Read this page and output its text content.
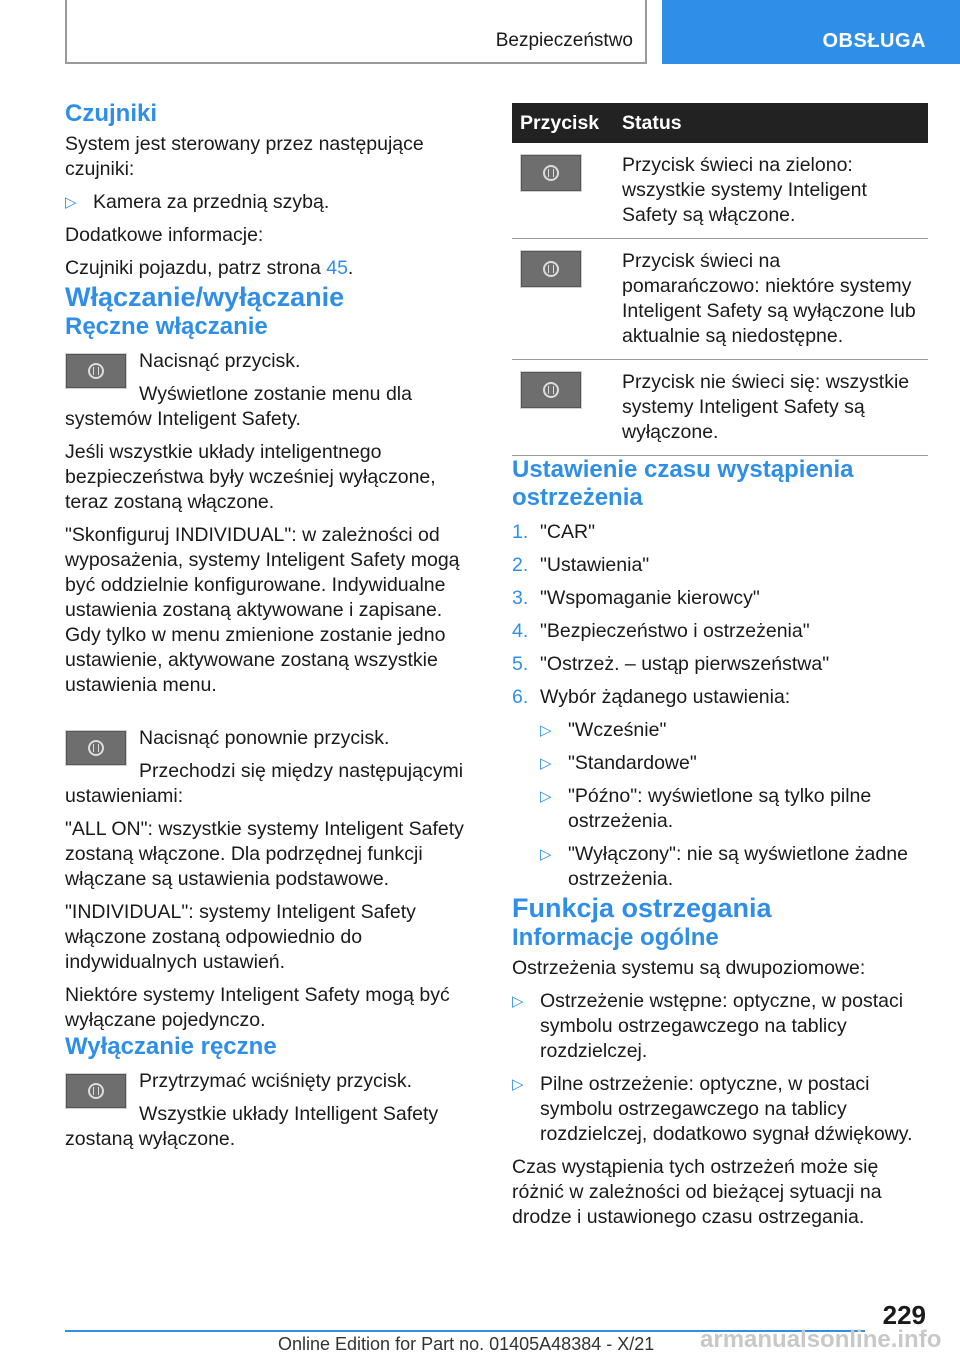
Bezpieczeństwo	OBSŁUGA
Czujniki

System jest sterowany przez następujące czujniki:

▷ Kamera za przednią szybą.

Dodatkowe informacje:

Czujniki pojazdu, patrz strona 45.

Włączanie/wyłączanie
Ręczne włączanie

Nacisnąć przycisk.

Wyświetlone zostanie menu dla systemów Inteligent Safety.

Jeśli wszystkie układy inteligentnego bezpieczeństwa były wcześniej wyłączone, teraz zostaną włączone.

"Skonfiguruj INDIVIDUAL": w zależności od wyposażenia, systemy Inteligent Safety mogą być oddzielnie konfigurowane. Indywidualne ustawienia zostaną aktywowane i zapisane. Gdy tylko w menu zmienione zostanie jedno ustawienie, aktywowane zostaną wszystkie ustawienia menu.

Nacisnąć ponownie przycisk.

Przechodzi się między następującymi ustawieniami:

"ALL ON": wszystkie systemy Inteligent Safety zostaną włączone. Dla podrzędnej funkcji włączane są ustawienia podstawowe.

"INDIVIDUAL": systemy Inteligent Safety włączone zostaną odpowiednio do indywidualnych ustawień.

Niektóre systemy Inteligent Safety mogą być wyłączane pojedynczo.

Wyłączanie ręczne

Przytrzymać wciśnięty przycisk.

Wszystkie układy Intelligent Safety zostaną wyłączone.

Przycisk	Status

	Przycisk świeci na zielono: wszystkie systemy Inteligent Safety są włączone.

	Przycisk świeci na pomarańczowo: niektóre systemy Inteligent Safety są wyłączone lub aktualnie są niedostępne.

	Przycisk nie świeci się: wszystkie systemy Inteligent Safety są wyłączone.
Ustawienie czasu wystąpienia ostrzeżenia
1. "CAR"
2. "Ustawienia"
3. "Wspomaganie kierowcy"
4. "Bezpieczeństwo i ostrzeżenia"
5. "Ostrzeż. – ustąp pierwszeństwa"
6. Wybór żądanego ustawienia:
▷ "Wcześnie"
▷ "Standardowe"
▷ "Późno": wyświetlone są tylko pilne ostrzeżenia.
▷ "Wyłączony": nie są wyświetlone żadne ostrzeżenia.
Funkcja ostrzegania
Informacje ogólne

Ostrzeżenia systemu są dwupoziomowe:

▷ Ostrzeżenie wstępne: optyczne, w postaci symbolu ostrzegawczego na tablicy rozdzielczej.
▷ Pilne ostrzeżenie: optyczne, w postaci symbolu ostrzegawczego na tablicy rozdzielczej, dodatkowo sygnał dźwiękowy.

Czas wystąpienia tych ostrzeżeń może się różnić w zależności od bieżącej sytuacji na drodze i ustawionego czasu ostrzegania.

229
Online Edition for Part no. 01405A48384 - X/21 armanualsonline.info
